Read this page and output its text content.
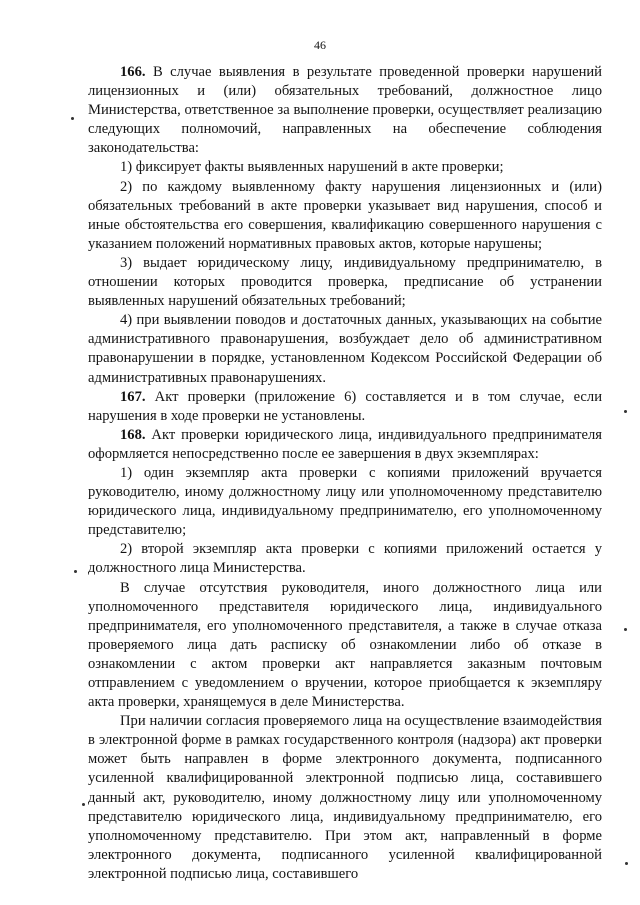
46

166. В случае выявления в результате проведенной проверки нарушений лицензионных и (или) обязательных требований, должностное лицо Министерства, ответственное за выполнение проверки, осуществляет реализацию следующих полномочий, направленных на обеспечение соблюдения законодательства:

1) фиксирует факты выявленных нарушений в акте проверки;

2) по каждому выявленному факту нарушения лицензионных и (или) обязательных требований в акте проверки указывает вид нарушения, способ и иные обстоятельства его совершения, квалификацию совершенного нарушения с указанием положений нормативных правовых актов, которые нарушены;

3) выдает юридическому лицу, индивидуальному предпринимателю, в отношении которых проводится проверка, предписание об устранении выявленных нарушений обязательных требований;

4) при выявлении поводов и достаточных данных, указывающих на событие административного правонарушения, возбуждает дело об административном правонарушении в порядке, установленном Кодексом Российской Федерации об административных правонарушениях.

167. Акт проверки (приложение 6) составляется и в том случае, если нарушения в ходе проверки не установлены.

168. Акт проверки юридического лица, индивидуального предпринимателя оформляется непосредственно после ее завершения в двух экземплярах:

1) один экземпляр акта проверки с копиями приложений вручается руководителю, иному должностному лицу или уполномоченному представителю юридического лица, индивидуальному предпринимателю, его уполномоченному представителю;

2) второй экземпляр акта проверки с копиями приложений остается у должностного лица Министерства.

В случае отсутствия руководителя, иного должностного лица или уполномоченного представителя юридического лица, индивидуального предпринимателя, его уполномоченного представителя, а также в случае отказа проверяемого лица дать расписку об ознакомлении либо об отказе в ознакомлении с актом проверки акт направляется заказным почтовым отправлением с уведомлением о вручении, которое приобщается к экземпляру акта проверки, хранящемуся в деле Министерства.

При наличии согласия проверяемого лица на осуществление взаимодействия в электронной форме в рамках государственного контроля (надзора) акт проверки может быть направлен в форме электронного документа, подписанного усиленной квалифицированной электронной подписью лица, составившего данный акт, руководителю, иному должностному лицу или уполномоченному представителю юридического лица, индивидуальному предпринимателю, его уполномоченному представителю. При этом акт, направленный в форме электронного документа, подписанного усиленной квалифицированной электронной подписью лица, составившего
